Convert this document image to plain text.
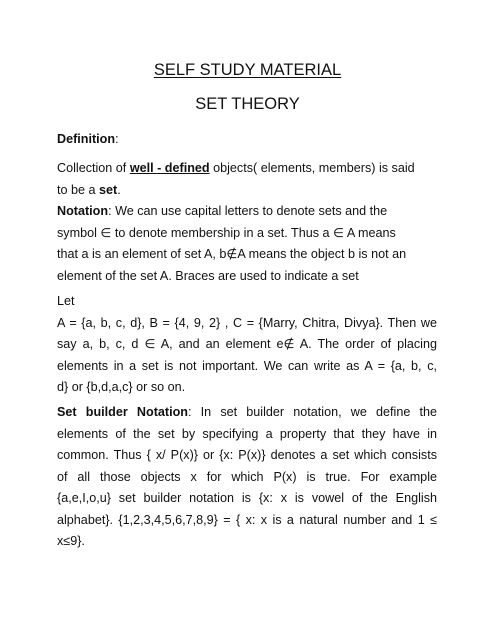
SELF STUDY MATERIAL
SET THEORY
Definition:
Collection of well - defined objects( elements, members) is said
to be a set.
Notation: We can use capital letters to denote sets and the
symbol ∈ to denote membership in a set. Thus a ∈ A means
that a is an element of set A, b∉A means the object b is not an
element of the set A. Braces are used to indicate a set
Let
A = {a, b, c, d}, B = {4, 9, 2} , C = {Marry, Chitra, Divya}. Then we
say a, b, c, d ∈ A, and an element e∉ A. The order of placing
elements in a set is not important. We can write as A = {a, b, c,
d} or {b,d,a,c} or so on.
Set builder Notation: In set builder notation, we define the
elements of the set by specifying a property that they have in
common. Thus { x/ P(x)} or {x: P(x)} denotes a set which consists
of all those objects x for which P(x) is true. For example
{a,e,I,o,u} set builder notation is {x: x is vowel of the English
alphabet}. {1,2,3,4,5,6,7,8,9} = { x: x is a natural number and 1 ≤
x≤9}.
